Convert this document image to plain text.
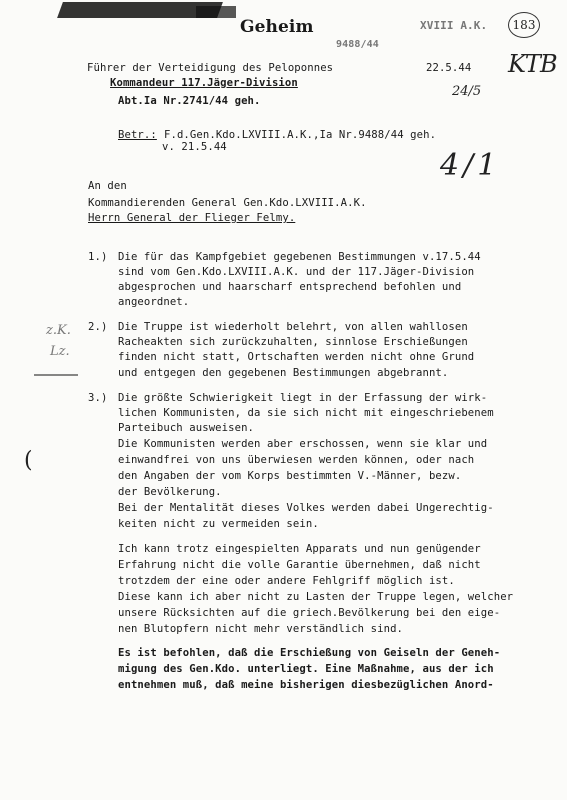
Geheim	XVIII A.K.
9488/44
183
KTB
24/5
Führer der Verteidigung des Peloponnes
Kommandeur 117.Jäger-Division
22.5.44
Abt.Ia Nr.2741/44 geh.
Betr.: F.d.Gen.Kdo.LXVIII.A.K.,Ia Nr.9488/44 geh.
v. 21.5.44
4/1
An den
Kommandierenden General Gen.Kdo.LXVIII.A.K.
Herrn General der Flieger Felmy.
z.K.
Lz.
(
1.) Die für das Kampfgebiet gegebenen Bestimmungen v.17.5.44
sind vom Gen.Kdo.LXVIII.A.K. und der 117.Jäger-Division
abgesprochen und haarscharf entsprechend befohlen und
angeordnet.
2.) Die Truppe ist wiederholt belehrt, von allen wahllosen
Racheakten sich zurückzuhalten, sinnlose Erschießungen
finden nicht statt, Ortschaften werden nicht ohne Grund
und entgegen den gegebenen Bestimmungen abgebrannt.
3.) Die größte Schwierigkeit liegt in der Erfassung der wirk-
lichen Kommunisten, da sie sich nicht mit eingeschriebenem
Parteibuch ausweisen.
Die Kommunisten werden aber erschossen, wenn sie klar und
einwandfrei von uns überwiesen werden können, oder nach
den Angaben der vom Korps bestimmten V.-Männer, bezw.
der Bevölkerung.
Bei der Mentalität dieses Volkes werden dabei Ungerechtig-
keiten nicht zu vermeiden sein.
Ich kann trotz eingespielten Apparats und nun genügender
Erfahrung nicht die volle Garantie übernehmen, daß nicht
trotzdem der eine oder andere Fehlgriff möglich ist.
Diese kann ich aber nicht zu Lasten der Truppe legen, welcher
unsere Rücksichten auf die griech.Bevölkerung bei den eige-
nen Blutopfern nicht mehr verständlich sind.
Es ist befohlen, daß die Erschießung von Geiseln der Geneh-
migung des Gen.Kdo. unterliegt. Eine Maßnahme, aus der ich
entnehmen muß, daß meine bisherigen diesbezüglichen Anord-
